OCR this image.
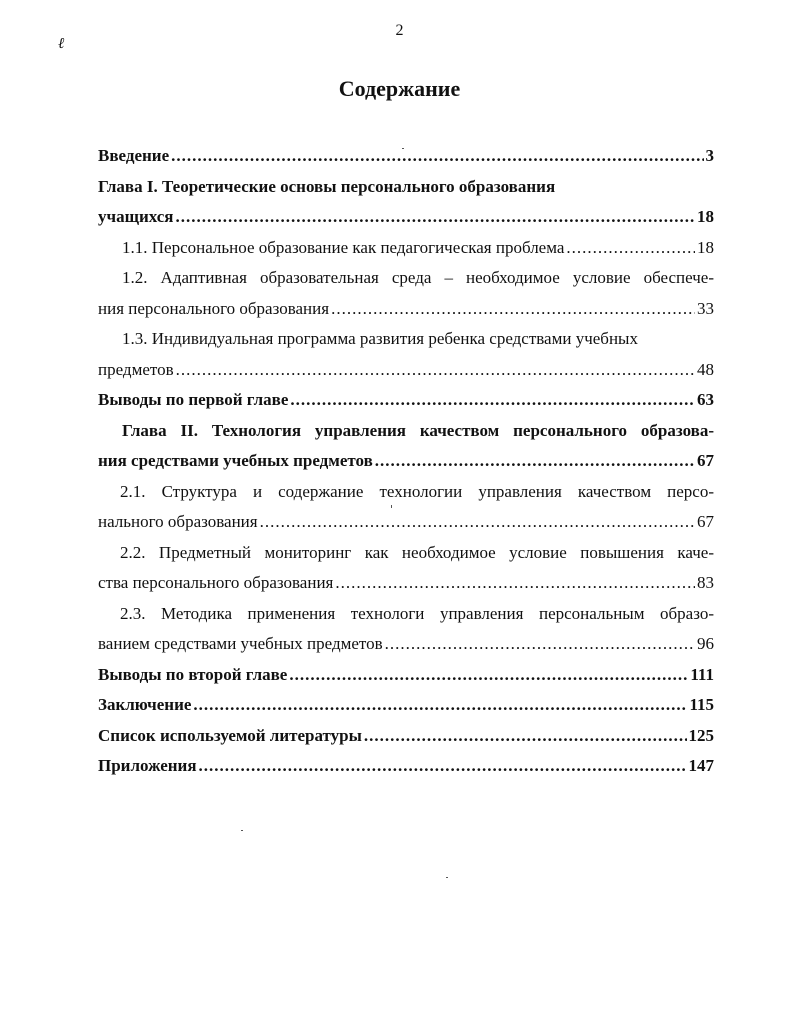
2
ℓ
Содержание
Введение .....	3
Глава I. Теоретические основы персонального образования
учащихся .....	18
1.1. Персональное образование как педагогическая проблема .....	18
1.2. Адаптивная образовательная среда – необходимое условие обеспече-
ния персонального образования .....	33
1.3. Индивидуальная программа развития ребенка средствами учебных
предметов .....	48
Выводы по первой главе .....	63
Глава II. Технология управления качеством персонального образова-
ния средствами учебных предметов .....	67
2.1. Структура и содержание технологии управления качеством персо-
нального образования .....	67
2.2. Предметный мониторинг как необходимое условие повышения каче-
ства персонального образования .....	83
2.3. Методика применения технологи управления персональным образо-
ванием средствами учебных предметов .....	96
Выводы по второй главе .....	111
Заключение .....	115
Список используемой литературы .....	125
Приложения .....	147
